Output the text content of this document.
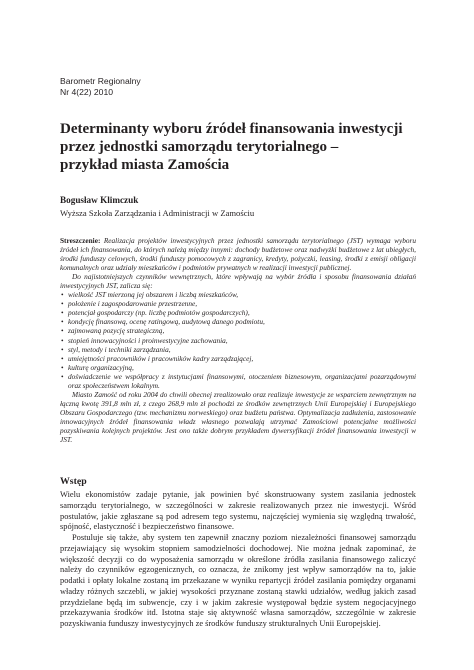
Barometr Regionalny
Nr 4(22) 2010
Determinanty wyboru źródeł finansowania inwestycji
przez jednostki samorządu terytorialnego –
przykład miasta Zamościa
Bogusław Klimczuk
Wyższa Szkoła Zarządzania i Administracji w Zamościu

Streszczenie: Realizacja projektów inwestycyjnych przez jednostki samorządu terytorialnego (JST) wymaga wyboru źródeł ich finansowania, do których należą między innymi: dochody budżetowe oraz nadwyżki budżetowe z lat ubiegłych, środki funduszy celowych, środki funduszy pomocowych z zagranicy, kredyty, pożyczki, leasing, środki z emisji obligacji komunalnych oraz udziały mieszkańców i podmiotów prywatnych w realizacji inwestycji publicznej.

Do najistotniejszych czynników wewnętrznych, które wpływają na wybór źródła i sposobu finansowania działań inwestycyjnych JST, zalicza się:

• wielkość JST mierzoną jej obszarem i liczbą mieszkańców,
• położenie i zagospodarowanie przestrzenne,
• potencjał gospodarczy (np. liczbę podmiotów gospodarczych),
• kondycję finansową, ocenę ratingową, audytową danego podmiotu,
• zajmowaną pozycję strategiczną,
• stopień innowacyjności i proinwestycyjne zachowania,
• styl, metody i techniki zarządzania,
• umiejętności pracowników i pracowników kadry zarządzającej,
• kulturę organizacyjną,
• doświadczenie we współpracy z instytucjami finansowymi, otoczeniem biznesowym, organizacjami pozarządowymi oraz społeczeństwem lokalnym.

Miasto Zamość od roku 2004 do chwili obecnej zrealizowało oraz realizuje inwestycje ze wsparciem zewnętrznym na łączną kwotę 391,8 mln zł, z czego 268,9 mln zł pochodzi ze środków zewnętrznych Unii Europejskiej i Europejskiego Obszaru Gospodarczego (tzw. mechanizmu norweskiego) oraz budżetu państwa. Optymalizacja zadłużenia, zastosowanie innowacyjnych źródeł finansowania władz własnego pozwalają utrzymać Zamościowi potencjalne możliwości pozyskiwania kolejnych projektów. Jest ono także dobrym przykładem dywersyfikacji źródeł finansowania inwestycji w JST.

Wstęp

Wielu ekonomistów zadaje pytanie, jak powinien być skonstruowany system zasilania jednostek samorządu terytorialnego, w szczególności w zakresie realizowanych przez nie inwestycji. Wśród postulatów, jakie zgłaszane są pod adresem tego systemu, najczęściej wymienia się względną trwałość, spójność, elastyczność i bezpieczeństwo finansowe.

Postuluje się także, aby system ten zapewnił znaczny poziom niezależności finansowej samorządu przejawiający się wysokim stopniem samodzielności dochodowej. Nie można jednak zapominać, że większość decyzji co do wyposażenia samorządu w określone źródła zasilania finansowego zaliczyć należy do czynników egzogenicznych, co oznacza, że znikomy jest wpływ samorządów na to, jakie podatki i opłaty lokalne zostaną im przekazane w wyniku repartycji źródeł zasilania pomiędzy organami władzy różnych szczebli, w jakiej wysokości przyznane zostaną stawki udziałów, według jakich zasad przydzielane będą im subwencje, czy i w jakim zakresie występował będzie system negocjacyjnego przekazywania środków itd. Istotna staje się aktywność własna samorządów, szczególnie w zakresie pozyskiwania funduszy inwestycyjnych ze środków funduszy strukturalnych Unii Europejskiej.
